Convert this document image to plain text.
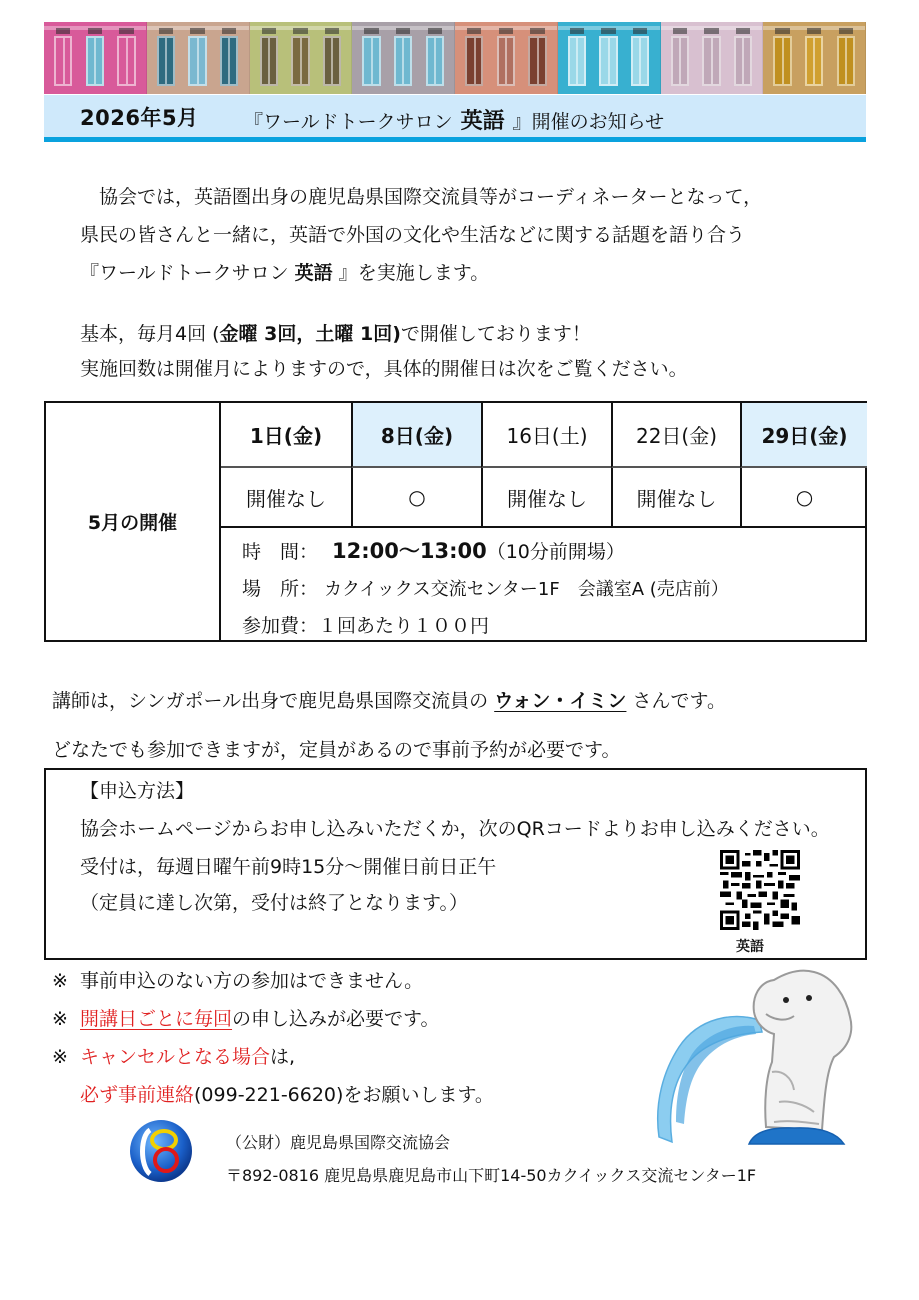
2026年5月 『ワールドトークサロン 英語 』開催のお知らせ
　協会では，英語圏出身の鹿児島県国際交流員等がコーディネーターとなって，
県民の皆さんと一緒に，英語で外国の文化や生活などに関する話題を語り合う
『ワールドトークサロン 英語 』を実施します。
基本，毎月4回 (金曜 3回，土曜 1回)で開催しております！
実施回数は開催月によりますので，具体的開催日は次をご覧ください。
5月の開催
1日(金)	8日(金)	16日(土)	22日(金)	29日(金)
開催なし	○	開催なし	開催なし	○
時　間： 12:00～13:00（10分前開場）
場　所： カクイックス交流センター1F　会議室A (売店前）
参加費：１回あたり１００円
講師は，シンガポール出身で鹿児島県国際交流員の ウォン・イミン さんです。
どなたでも参加できますが，定員があるので事前予約が必要です。
【申込方法】
協会ホームページからお申し込みいただくか，次のQRコードよりお申し込みください。
受付は，毎週日曜午前9時15分～開催日前日正午
（定員に達し次第，受付は終了となります。）
英語
※ 事前申込のない方の参加はできません。
※ 開講日ごとに毎回の申し込みが必要です。
※ キャンセルとなる場合は,
必ず事前連絡(099-221-6620)をお願いします。
（公財）鹿児島県国際交流協会
〒892-0816 鹿児島県鹿児島市山下町14-50カクイックス交流センター1F
